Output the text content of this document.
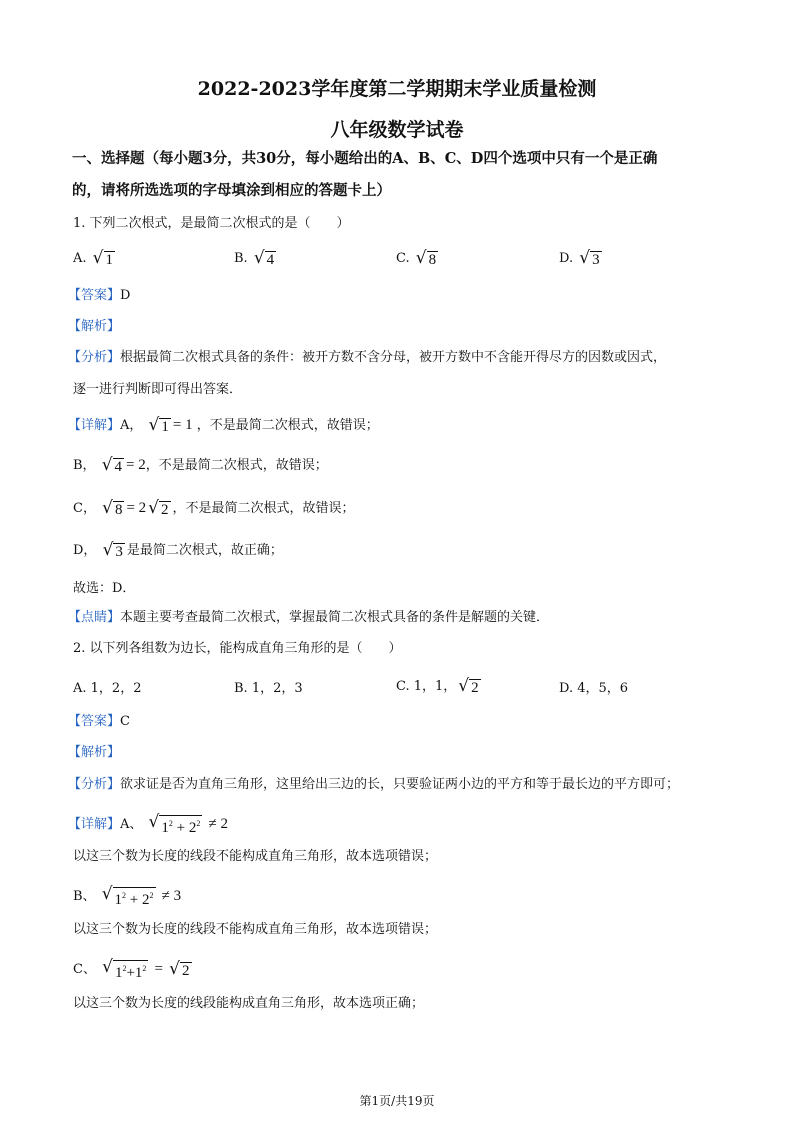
2022-2023学年度第二学期期末学业质量检测
八年级数学试卷
一、选择题（每小题3分，共30分，每小题给出的A、B、C、D四个选项中只有一个是正确
的，请将所选选项的字母填涂到相应的答题卡上）
1. 下列二次根式，是最简二次根式的是（　　）
A. √ 1	B. √ 4	C. √ 8	D. √ 3
【答案】D
【解析】
【分析】根据最简二次根式具备的条件：被开方数不含分母，被开方数中不含能开得尽方的因数或因式，
逐一进行判断即可得出答案．
【详解】A， √ 1 = 1 ，不是最简二次根式，故错误；
B， √ 4 = 2，不是最简二次根式，故错误；
C， √ 8 = 2 √ 2 ，不是最简二次根式，故错误；
D， √ 3 是最简二次根式，故正确；
故选：D．
【点睛】本题主要考查最简二次根式，掌握最简二次根式具备的条件是解题的关键．
2. 以下列各组数为边长，能构成直角三角形的是（　　）
A. 1，2，2	B. 1，2，3	C. 1，1， √ 2	D. 4，5，6
【答案】C
【解析】
【分析】欲求证是否为直角三角形，这里给出三边的长，只要验证两小边的平方和等于最长边的平方即可；
【详解】A、 √ $1^2 + 2^2 \ne 2$
以这三个数为长度的线段不能构成直角三角形，故本选项错误；
B、 √ $1^2 + 2^2 \ne 3$
以这三个数为长度的线段不能构成直角三角形，故本选项错误；
C、 √ $1^2+1^2$ = √ 2
以这三个数为长度的线段能构成直角三角形，故本选项正确；
第1页/共19页
